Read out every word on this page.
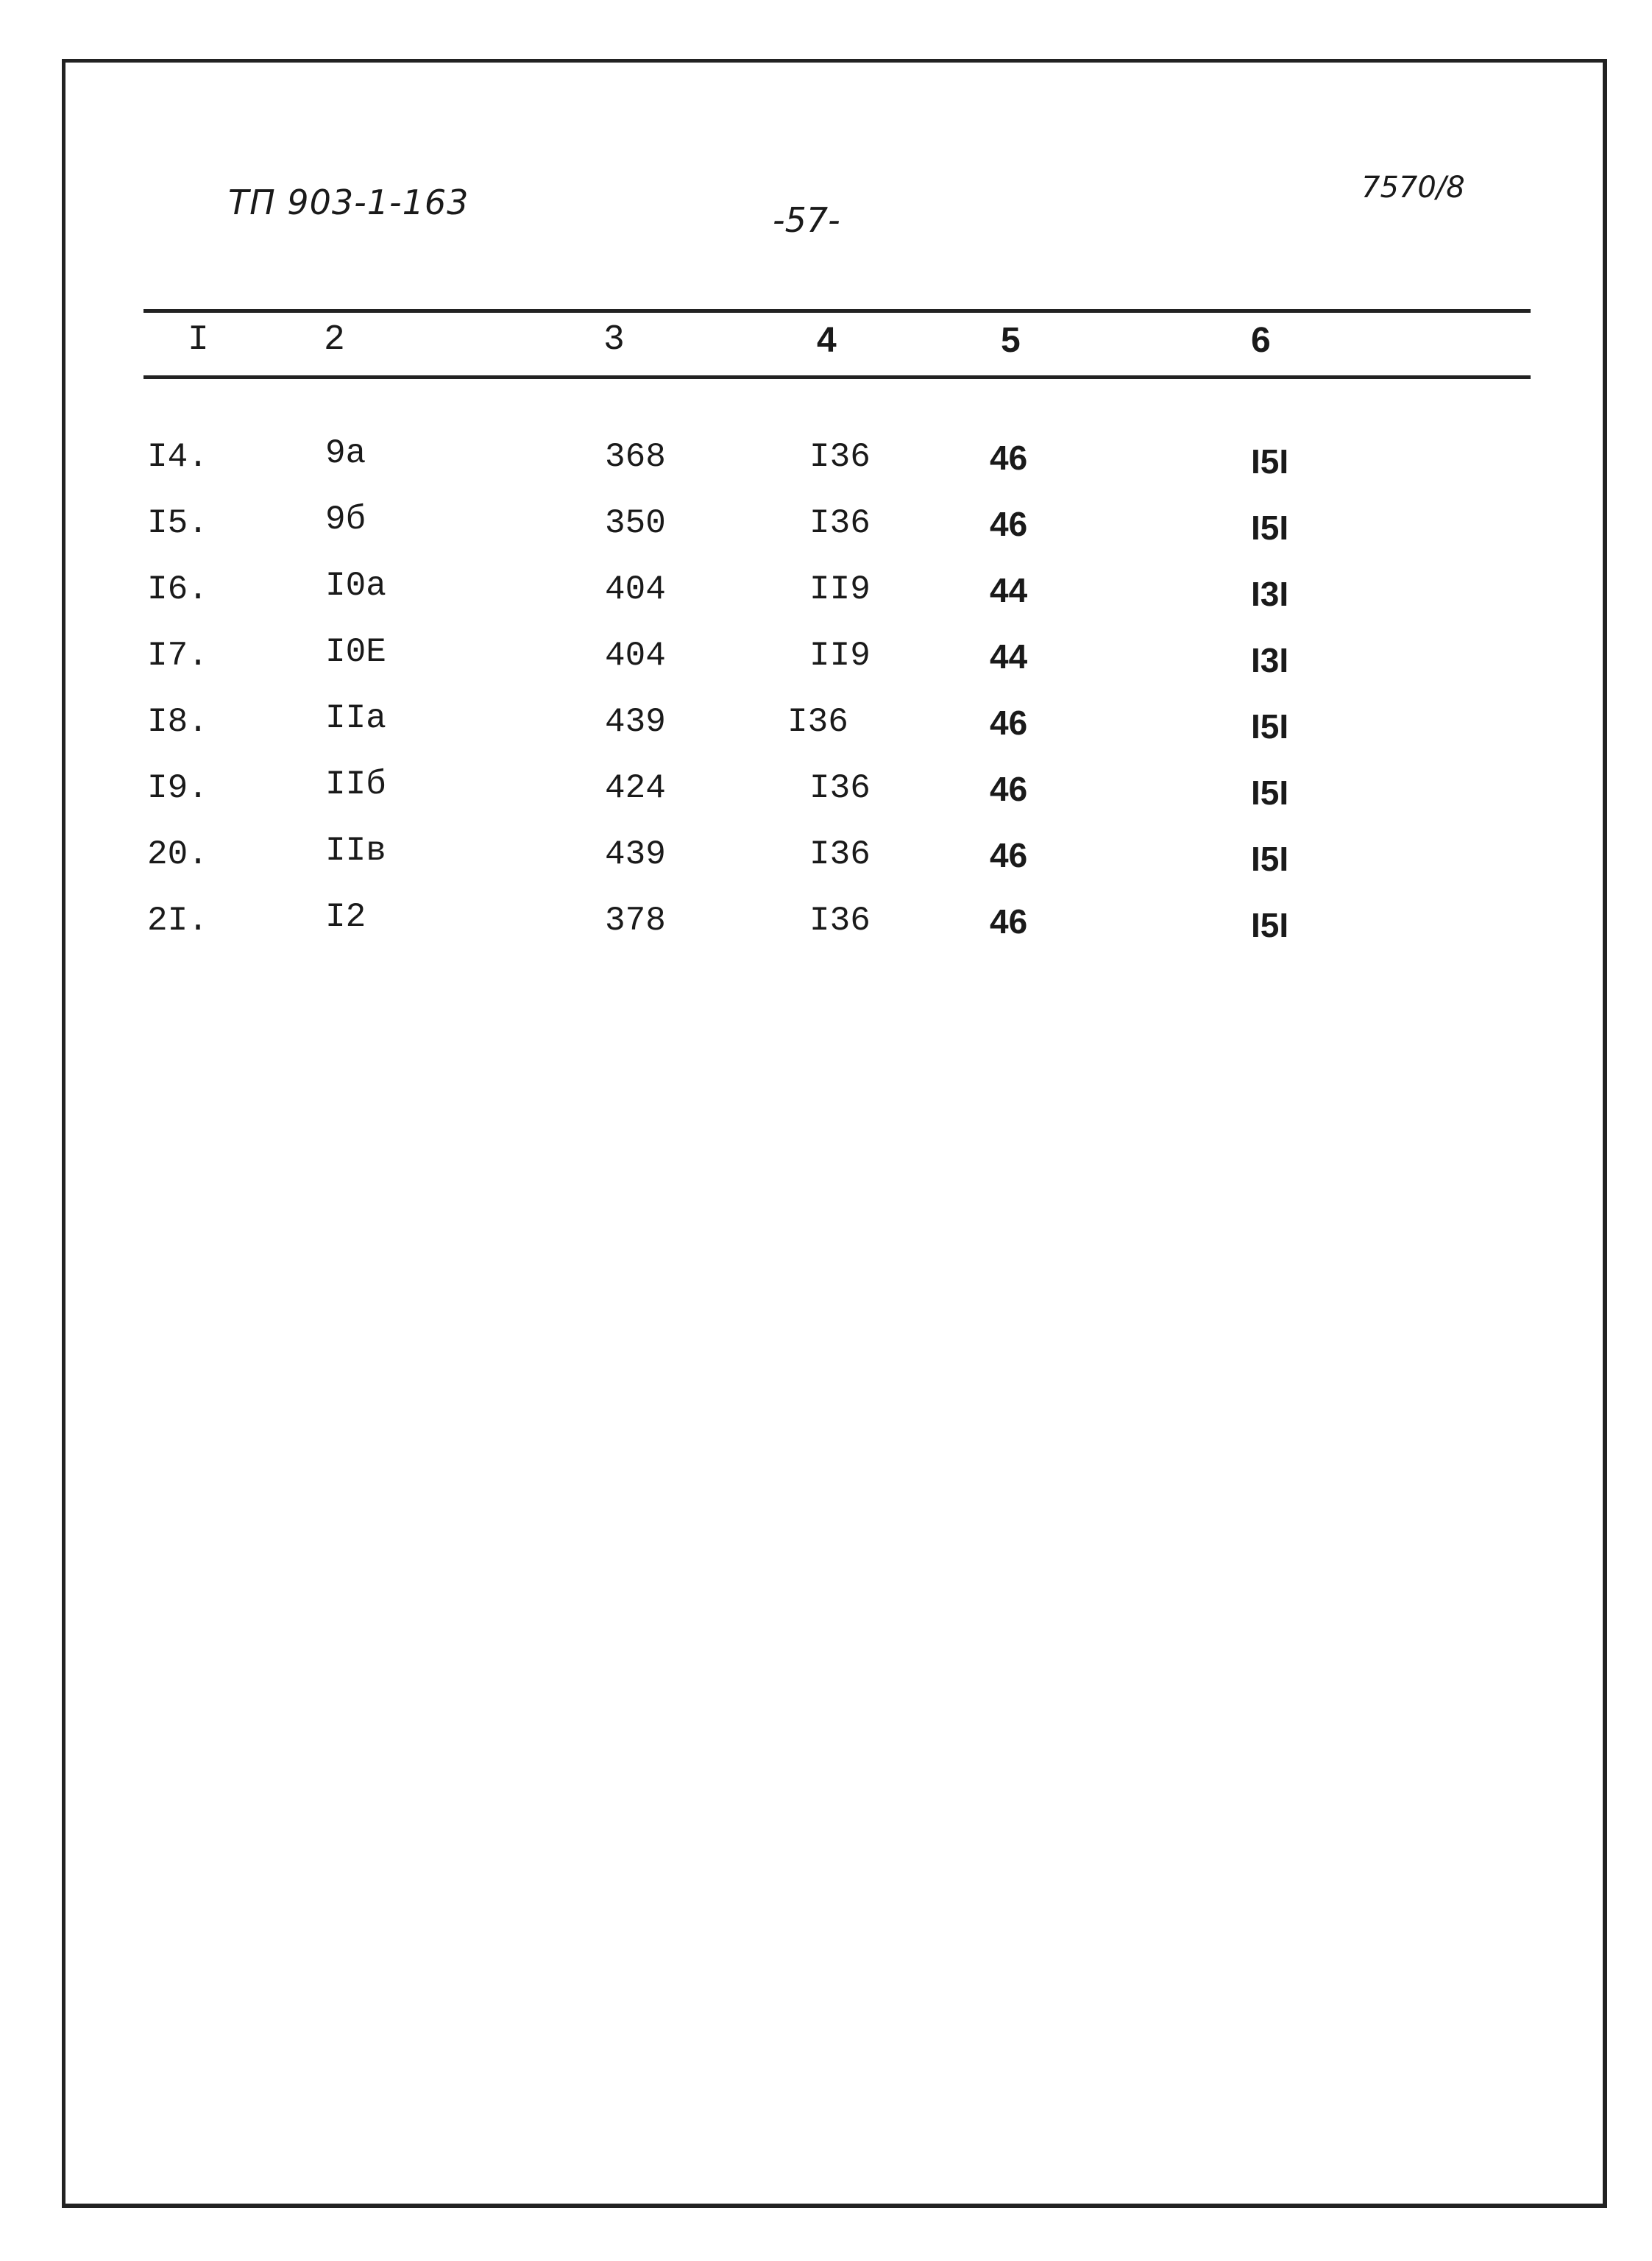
ТП 903-1-163	-57-
7570/8
I	2	3	4	5	6
I4.	9а	368	I36	46	I5I
I5.	9б	350	I36	46	I5I
I6.	I0а	404	II9	44	I3I
I7.	I0Е	404	II9	44	I3I
I8.	IIа	439	I36	46	I5I
I9.	IIб	424	I36	46	I5I
20.	IIв	439	I36	46	I5I
2I.	I2	378	I36	46	I5I
